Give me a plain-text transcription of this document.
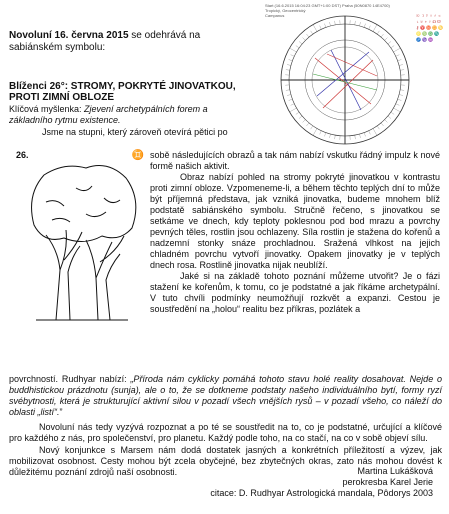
Start (16.6.2015 16:04:23 GMT+1:00 DST) Praha (50N0870 14E4700)
Tropický, Geocentrický
Campanus	☉ ☽ ☿ ♀ ♂ ♃ ♄ ♅ ♆ ♇ ☊ ☋ ⚷ ♈ ♉ ♊ ♋ ♌ ♍ ♎ ♏ ♐ ♑ ♒
Novoluní 16. června 2015 se odehrává na sabiánském symbolu:
Blíženci 26°: STROMY, POKRYTÉ JINOVATKOU, PROTI ZIMNÍ OBLOZE
Klíčová myšlenka: Zjevení archetypálních forem a základního rytmu existence.
Jsme na stupni, který zároveň otevírá pětici po
26.	♊ sobě následujících obrazů a tak nám nabízí vskutku řádný impulz k nové formě našich aktivit.

Obraz nabízí pohled na stromy pokryté jinovatkou v kontrastu proti zimní obloze. Vzpomeneme-li, a během těchto teplých dní to může být příjemná představa, jak vzniká jinovatka, budeme mnohem blíž podstatě sabiánského symbolu. Stručně řečeno, s jinovatkou se setkáme ve dnech, kdy teploty poklesnou pod bod mrazu a povrchy pevných těles, rostlin jsou ochlazeny. Síla rostlin je stažena do kořenů a nadzemní stonky snáze prochladnou. Sražená vlhkost na jejich chladném povrchu vytvoří jinovatky. Opakem jinovatky je v teplých dnech rosa. Rostlině jinovatka nijak neublíží.

Jaké si na základě tohoto poznání můžeme utvořit? Je o fázi stažení ke kořenům, k tomu, co je podstatné a jak říkáme archetypální. V tuto chvíli podmínky neumožňují rozkvět a expanzi. Cestou je soustředění na „holou“ realitu bez příkras, pozlátek a

povrchností. Rudhyar nabízí: „Příroda nám cyklicky pomáhá tohoto stavu holé reality dosahovat. Nejde o buddhistickou prázdnotu (sunja), ale o to, že se dotkneme podstaty našeho individuálního bytí, formy ryzí svébytnosti, která je strukturující aktivní silou v pozadí všech vnějších rysů – v pozadí všeho, co náleží do oblasti „listí“.”

Novoluní nás tedy vyzývá rozpoznat a po té se soustředit na to, co je podstatné, určující a klíčové pro každého z nás, pro společenství, pro planetu. Každý podle toho, na co stačí, na co v sobě objeví sílu.

Nový konjunkce s Marsem nám dodá dostatek jasných a konkrétních příležitostí a výzev, jak mobilizovat osobnost. Cesty mohou být zcela obyčejné, bez zbytečných okras, zato nás mohou dovést k důležitému poznání zdrojů naší osobnosti.	Martina Lukášková
perokresba Karel Jerie
citace: D. Rudhyar Astrologická mandala, Pôdorys 2003
